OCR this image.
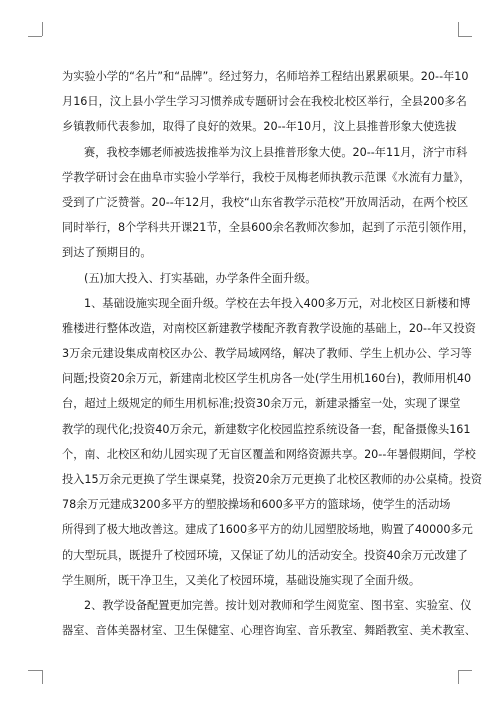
为实验小学的“名片”和“品牌”。经过努力，名师培养工程结出累累硕果。20--年10
月16日，汶上县小学生学习习惯养成专题研讨会在我校北校区举行，全县200多名
乡镇教师代表参加，取得了良好的效果。20--年10月，汶上县推普形象大使选拔
赛，我校李娜老师被选拔推举为汶上县推普形象大使。20--年11月，济宁市科
学教学研讨会在曲阜市实验小学举行，我校于凤梅老师执教示范课《水流有力量》，
受到了广泛赞誉。20--年12月，我校“山东省教学示范校”开放周活动，在两个校区
同时举行，8个学科共开课21节，全县600余名教师次参加，起到了示范引领作用，
到达了预期目的。
(五)加大投入、打实基础，办学条件全面升级。
1、基础设施实现全面升级。学校在去年投入400多万元，对北校区日新楼和博
雅楼进行整体改造，对南校区新建教学楼配齐教育教学设施的基础上，20--年又投资
3万余元建设集成南校区办公、教学局域网络，解决了教师、学生上机办公、学习等
问题;投资20余万元，新建南北校区学生机房各一处(学生用机160台)，教师用机40
台，超过上级规定的师生用机标准;投资30余万元，新建录播室一处，实现了课堂
教学的现代化;投资40万余元，新建数字化校园监控系统设备一套，配备摄像头161
个，南、北校区和幼儿园实现了无盲区覆盖和网络资源共享。20--年暑假期间，学校
投入15万余元更换了学生课桌凳，投资20余万元更换了北校区教师的办公桌椅。投资
78余万元建成3200多平方的塑胶操场和600多平方的篮球场，使学生的活动场
所得到了极大地改善这。建成了1600多平方的幼儿园塑胶场地，购置了40000多元
的大型玩具，既提升了校园环境，又保证了幼儿的活动安全。投资40余万元改建了
学生厕所，既干净卫生，又美化了校园环境，基础设施实现了全面升级。
2、教学设备配置更加完善。按计划对教师和学生阅览室、图书室、实验室、仪
器室、音体美器材室、卫生保健室、心理咨询室、音乐教室、舞蹈教室、美术教室、
